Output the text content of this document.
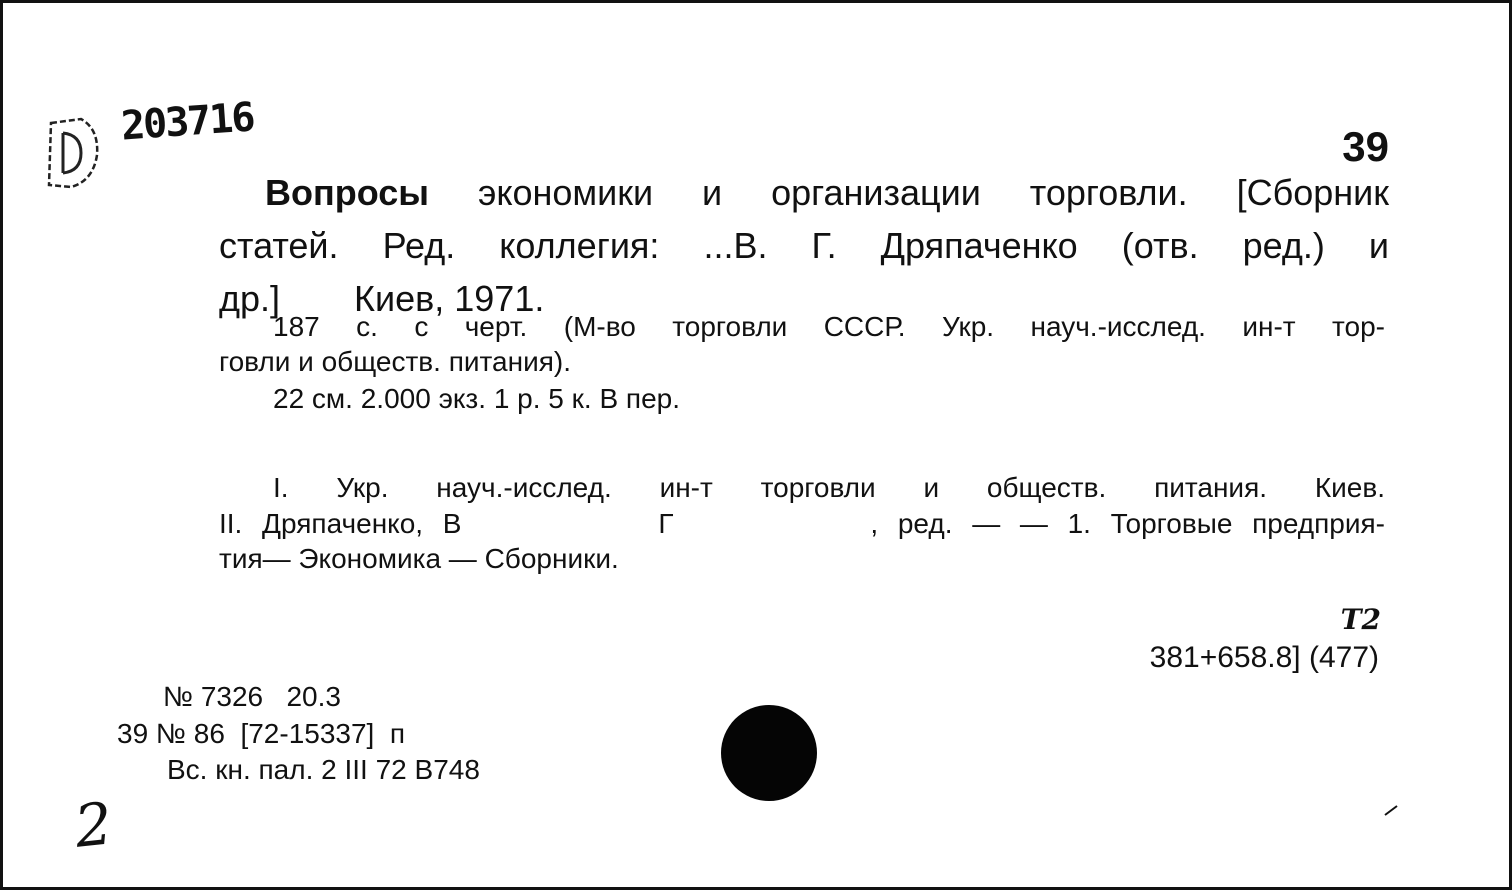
203716	39
Вопросы экономики и организации торговли. [Сборник
статей. Ред. коллегия: ...В. Г. Дряпаченко (отв. ред.) и
др.] Киев, 1971.
187 с. с черт. (М-во торговли СССР. Укр. науч.-исслед. ин-т тор-
говли и обществ. питания).
22 см. 2.000 экз. 1 р. 5 к. В пер.
I. Укр. науч.-исслед. ин-т торговли и обществ. питания. Киев.
II. Дряпаченко, В          Г          , ред. — — 1. Торговые предприя-
тия— Экономика — Сборники.
T2
381+658.8] (477)
№ 7326   20.3
39 № 86  [72-15337]  п
Вс. кн. пал. 2 III 72 В748
2
